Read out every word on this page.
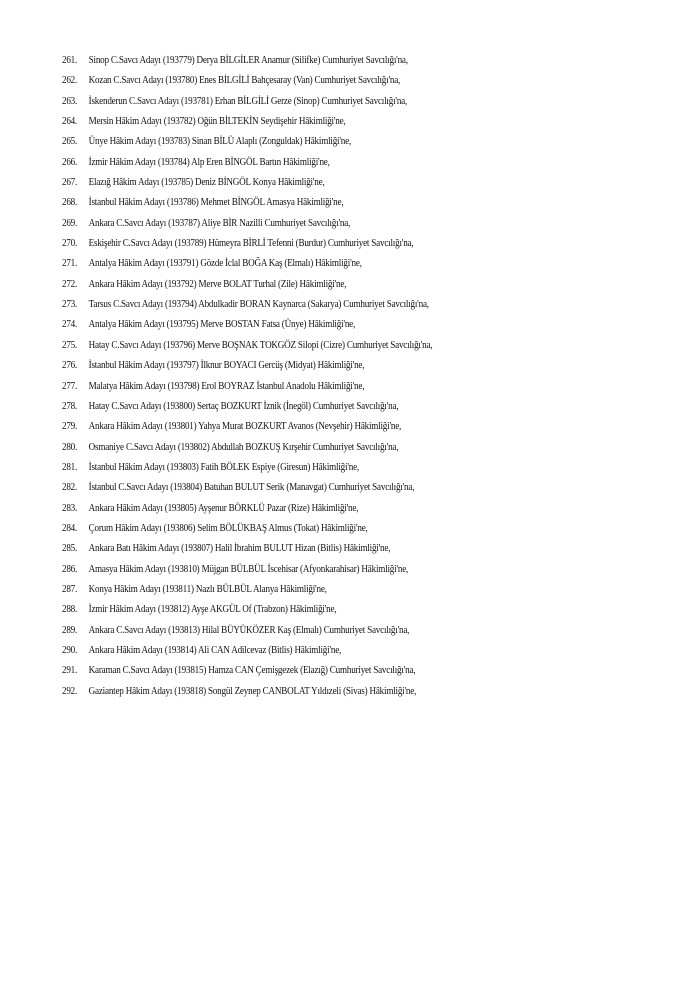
261.	Sinop C.Savcı Adayı (193779) Derya BİLGİLER Anamur (Silifke) Cumhuriyet Savcılığı'na,
262.	Kozan C.Savcı Adayı (193780) Enes BİLGİLİ Bahçesaray (Van) Cumhuriyet Savcılığı'na,
263.	İskenderun C.Savcı Adayı (193781) Erhan BİLGİLİ Gerze (Sinop) Cumhuriyet Savcılığı'na,
264.	Mersin Hâkim Adayı (193782) Oğün BİLTEKİN Seydişehir Hâkimliği'ne,
265.	Ünye Hâkim Adayı (193783) Sinan BİLÜ Alaplı (Zonguldak) Hâkimliği'ne,
266.	İzmir Hâkim Adayı (193784) Alp Eren BİNGÖL Bartın Hâkimliği'ne,
267.	Elazığ Hâkim Adayı (193785) Deniz BİNGÖL Konya Hâkimliği'ne,
268.	İstanbul Hâkim Adayı (193786) Mehmet BİNGÖL Amasya Hâkimliği'ne,
269.	Ankara C.Savcı Adayı (193787) Aliye BİR Nazilli Cumhuriyet Savcılığı'na,
270.	Eskişehir C.Savcı Adayı (193789) Hümeyra BİRLİ Tefenni (Burdur) Cumhuriyet Savcılığı'na,
271.	Antalya Hâkim Adayı (193791) Gözde İclal BOĞA Kaş (Elmalı) Hâkimliği'ne,
272.	Ankara Hâkim Adayı (193792) Merve BOLAT Turhal (Zile) Hâkimliği'ne,
273.	Tarsus C.Savcı Adayı (193794) Abdulkadir BORAN Kaynarca (Sakarya) Cumhuriyet Savcılığı'na,
274.	Antalya Hâkim Adayı (193795) Merve BOSTAN Fatsa (Ünye) Hâkimliği'ne,
275.	Hatay C.Savcı Adayı (193796) Merve BOŞNAK TOKGÖZ Silopi (Cizre) Cumhuriyet Savcılığı'na,
276.	İstanbul Hâkim Adayı (193797) İlknur BOYACI Gercüş (Midyat) Hâkimliği'ne,
277.	Malatya Hâkim Adayı (193798) Erol BOYRAZ İstanbul Anadolu Hâkimliği'ne,
278.	Hatay C.Savcı Adayı (193800) Sertaç BOZKURT İznik (İnegöl) Cumhuriyet Savcılığı'na,
279.	Ankara Hâkim Adayı (193801) Yahya Murat BOZKURT Avanos (Nevşehir) Hâkimliği'ne,
280.	Osmaniye C.Savcı Adayı (193802) Abdullah BOZKUŞ Kırşehir Cumhuriyet Savcılığı'na,
281.	İstanbul Hâkim Adayı (193803) Fatih BÖLEK Espiye (Giresun) Hâkimliği'ne,
282.	İstanbul C.Savcı Adayı (193804) Batuhan BULUT Serik (Manavgat) Cumhuriyet Savcılığı'na,
283.	Ankara Hâkim Adayı (193805) Ayşenur BÖRKLÜ Pazar (Rize) Hâkimliği'ne,
284.	Çorum Hâkim Adayı (193806) Selim BÖLÜKBAŞ Almus (Tokat) Hâkimliği'ne,
285.	Ankara Batı Hâkim Adayı (193807) Halil İbrahim BULUT Hizan (Bitlis) Hâkimliği'ne,
286.	Amasya Hâkim Adayı (193810) Müjgan BÜLBÜL İscehisar (Afyonkarahisar) Hâkimliği'ne,
287.	Konya Hâkim Adayı (193811) Nazlı BÜLBÜL Alanya Hâkimliği'ne,
288.	İzmir Hâkim Adayı (193812) Ayşe AKGÜL Of (Trabzon) Hâkimliği'ne,
289.	Ankara C.Savcı Adayı (193813) Hilal BÜYÜKÖZER Kaş (Elmalı) Cumhuriyet Savcılığı'na,
290.	Ankara Hâkim Adayı (193814) Ali CAN Adilcevaz (Bitlis) Hâkimliği'ne,
291.	Karaman C.Savcı Adayı (193815) Hamza CAN Çemişgezek (Elazığ) Cumhuriyet Savcılığı'na,
292.	Gaziantep Hâkim Adayı (193818) Songül Zeynep CANBOLAT Yıldızeli (Sivas) Hâkimliği'ne,
